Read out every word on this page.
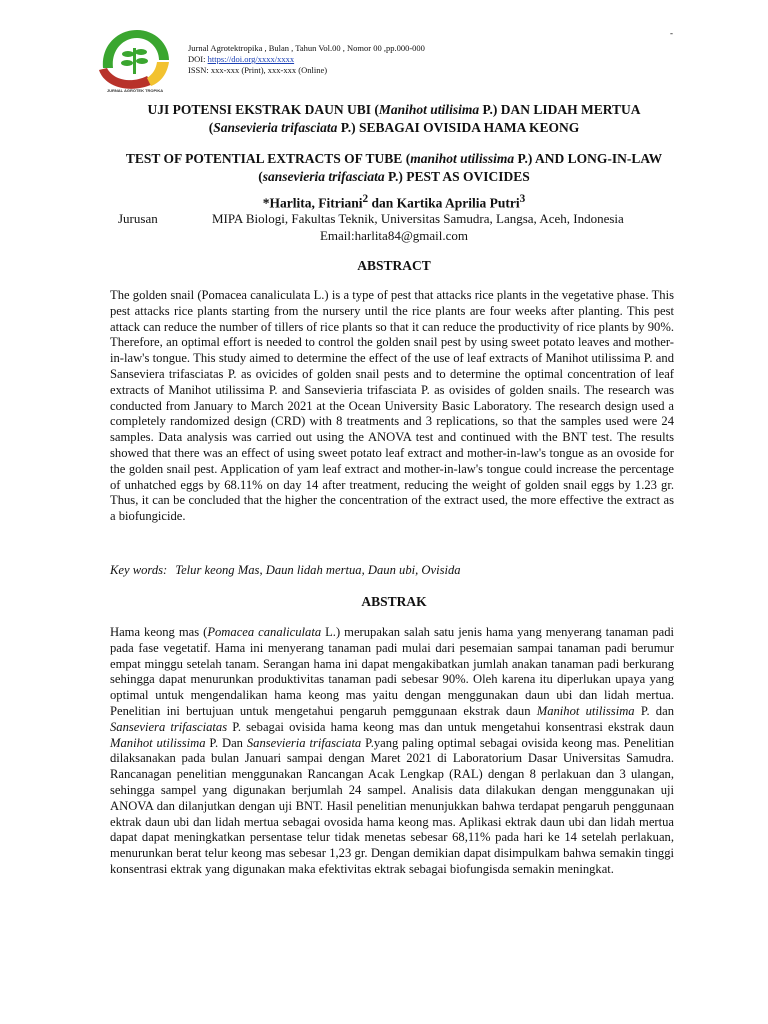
JURNAL AGROTEK TROPIKA
-
Jurnal Agrotektropika , Bulan , Tahun Vol.00 , Nomor 00 ,pp.000-000
DOI: https://doi.org/xxxx/xxxx
ISSN: xxx-xxx (Print), xxx-xxx (Online)
UJI POTENSI EKSTRAK DAUN UBI (Manihot utilisima P.) DAN LIDAH MERTUA
(Sansevieria trifasciata P.) SEBAGAI OVISIDA HAMA KEONG
TEST OF POTENTIAL EXTRACTS OF TUBE (manihot utilissima P.) AND LONG-IN-LAW
(sansevieria trifasciata P.) PEST AS OVICIDES
*Harlita, Fitriani$^2$ dan Kartika Aprilia Putri$^3$
Jurusan	MIPA Biologi, Fakultas Teknik, Universitas Samudra, Langsa, Aceh, Indonesia
Email:harlita84@gmail.com
ABSTRACT

The golden snail (Pomacea canaliculata L.) is a type of pest that attacks rice plants in the vegetative phase. This pest attacks rice plants starting from the nursery until the rice plants are four weeks after planting. This pest attack can reduce the number of tillers of rice plants so that it can reduce the productivity of rice plants by 90%. Therefore, an optimal effort is needed to control the golden snail pest by using sweet potato leaves and mother-in-law's tongue. This study aimed to determine the effect of the use of leaf extracts of Manihot utilissima P. and Sanseviera trifasciatas P. as ovicides of golden snail pests and to determine the optimal concentration of leaf extracts of Manihot utilissima P. and Sansevieria trifasciata P. as ovisides of golden snails. The research was conducted from January to March 2021 at the Ocean University Basic Laboratory. The research design used a completely randomized design (CRD) with 8 treatments and 3 replications, so that the samples used were 24 samples. Data analysis was carried out using the ANOVA test and continued with the BNT test. The results showed that there was an effect of using sweet potato leaf extract and mother-in-law's tongue as an ovoside for the golden snail pest. Application of yam leaf extract and mother-in-law's tongue could increase the percentage of unhatched eggs by 68.11% on day 14 after treatment, reducing the weight of golden snail eggs by 1.23 gr. Thus, it can be concluded that the higher the concentration of the extract used, the more effective the extract as a biofungicide.

Key words: Telur keong Mas, Daun lidah mertua, Daun ubi, Ovisida
ABSTRAK

Hama keong mas (Pomacea canaliculata L.) merupakan salah satu jenis hama yang menyerang tanaman padi pada fase vegetatif. Hama ini menyerang tanaman padi mulai dari pesemaian sampai tanaman padi berumur empat minggu setelah tanam. Serangan hama ini dapat mengakibatkan jumlah anakan tanaman padi berkurang sehingga dapat menurunkan produktivitas tanaman padi sebesar 90%. Oleh karena itu diperlukan upaya yang optimal untuk mengendalikan hama keong mas yaitu dengan menggunakan daun ubi dan lidah mertua. Penelitian ini bertujuan untuk mengetahui pengaruh pemggunaan ekstrak daun Manihot utilissima P. dan Sanseviera trifasciatas P. sebagai ovisida hama keong mas dan untuk mengetahui konsentrasi ekstrak daun Manihot utilissima P. Dan Sansevieria trifasciata P.yang paling optimal sebagai ovisida keong mas. Penelitian dilaksanakan pada bulan Januari sampai dengan Maret 2021 di Laboratorium Dasar Universitas Samudra. Rancanagan penelitian menggunakan Rancangan Acak Lengkap (RAL) dengan 8 perlakuan dan 3 ulangan, sehingga sampel yang digunakan berjumlah 24 sampel. Analisis data dilakukan dengan menggunakan uji ANOVA dan dilanjutkan dengan uji BNT. Hasil penelitian menunjukkan bahwa terdapat pengaruh penggunaan ektrak daun ubi dan lidah mertua sebagai ovosida hama keong mas. Aplikasi ektrak daun ubi dan lidah mertua dapat dapat meningkatkan persentase telur tidak menetas sebesar 68,11% pada hari ke 14 setelah perlakuan, menurunkan berat telur keong mas sebesar 1,23 gr. Dengan demikian dapat disimpulkam bahwa semakin tinggi konsentrasi ektrak yang digunakan maka efektivitas ektrak sebagai biofungisda semakin meningkat.
